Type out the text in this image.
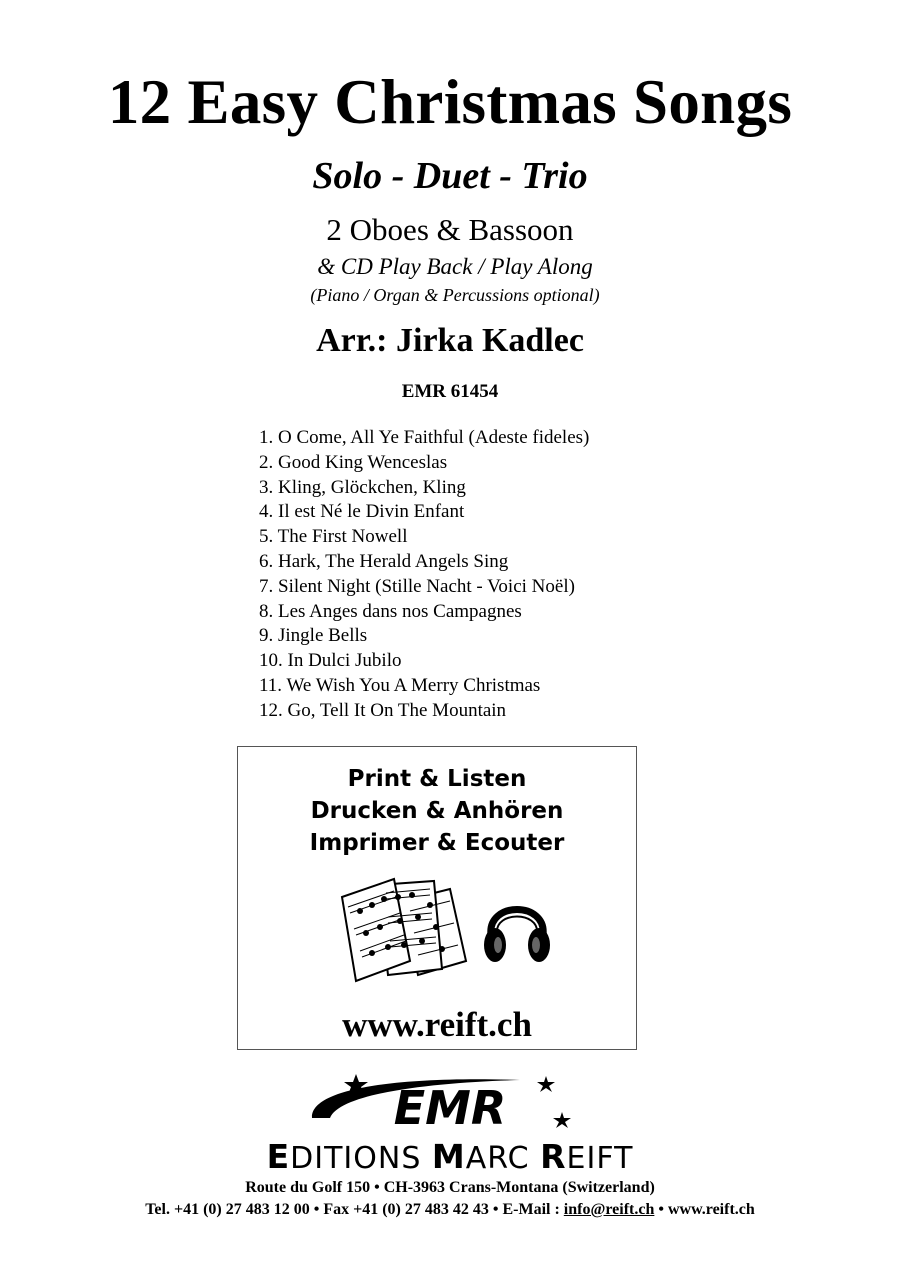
12 Easy Christmas Songs
Solo - Duet - Trio
2 Oboes & Bassoon
& CD Play Back / Play Along
(Piano / Organ & Percussions optional)
Arr.: Jirka Kadlec
EMR 61454
1. O Come, All Ye Faithful (Adeste fideles)
2. Good King Wenceslas
3. Kling, Glöckchen, Kling
4. Il est Né le Divin Enfant
5. The First Nowell
6. Hark, The Herald Angels Sing
7. Silent Night (Stille Nacht - Voici Noël)
8. Les Anges dans nos Campagnes
9. Jingle Bells
10. In Dulci Jubilo
11. We Wish You A Merry Christmas
12. Go, Tell It On The Mountain
Print & Listen
Drucken & Anhören
Imprimer & Ecouter
www.reift.ch
EMR
EDITIONS MARC REIFT
Route du Golf 150 • CH-3963 Crans-Montana (Switzerland)
Tel. +41 (0) 27 483 12 00 • Fax +41 (0) 27 483 42 43 • E-Mail : info@reift.ch • www.reift.ch
